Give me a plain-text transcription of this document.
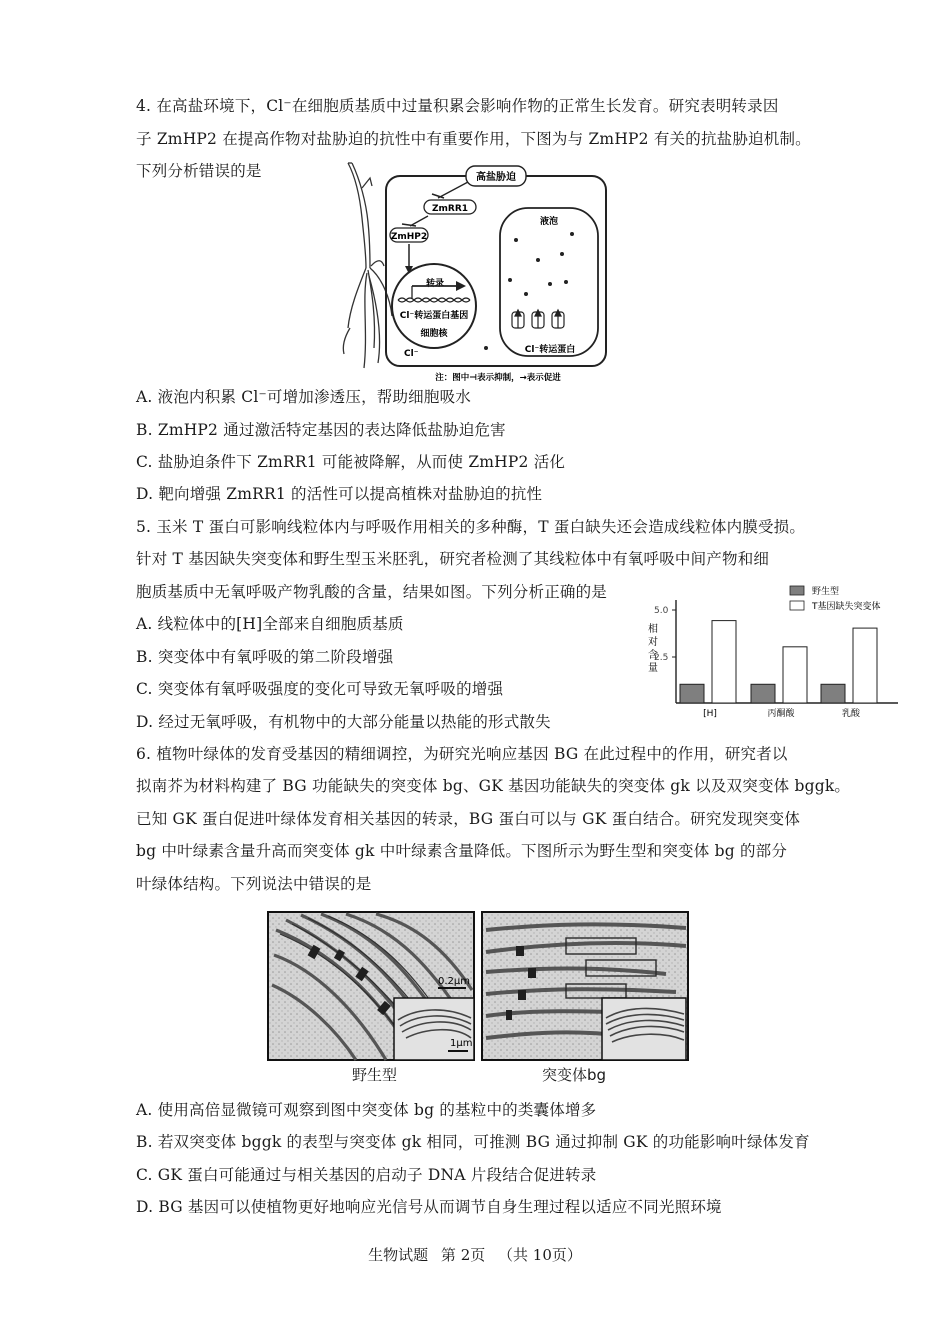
4. 在高盐环境下，Cl⁻在细胞质基质中过量积累会影响作物的正常生长发育。研究表明转录因
子 ZmHP2 在提高作物对盐胁迫的抗性中有重要作用，下图为与 ZmHP2 有关的抗盐胁迫机制。
下列分析错误的是	高盐胁迫
ZmRR1
ZmHP2
转录
Cl⁻转运蛋白基因
细胞核
Cl⁻
液泡
Cl⁻转运蛋白
注：图中⊣表示抑制，→表示促进
A. 液泡内积累 Cl⁻可增加渗透压，帮助细胞吸水
B. ZmHP2 通过激活特定基因的表达降低盐胁迫危害
C. 盐胁迫条件下 ZmRR1 可能被降解，从而使 ZmHP2 活化
D. 靶向增强 ZmRR1 的活性可以提高植株对盐胁迫的抗性
5. 玉米 T 蛋白可影响线粒体内与呼吸作用相关的多种酶，T 蛋白缺失还会造成线粒体内膜受损。
针对 T 基因缺失突变体和野生型玉米胚乳，研究者检测了其线粒体中有氧呼吸中间产物和细
胞质基质中无氧呼吸产物乳酸的含量，结果如图。下列分析正确的是
A. 线粒体中的[H]全部来自细胞质基质
B. 突变体中有氧呼吸的第二阶段增强
C. 突变体有氧呼吸强度的变化可导致无氧呼吸的增强
D. 经过无氧呼吸，有机物中的大部分能量以热能的形式散失
野生型
T基因缺失突变体
相
对
含
量
5.0
2.5
[H]	丙酮酸	乳酸
6. 植物叶绿体的发育受基因的精细调控，为研究光响应基因 BG 在此过程中的作用，研究者以
拟南芥为材料构建了 BG 功能缺失的突变体 bg、GK 基因功能缺失的突变体 gk 以及双突变体 bggk。
已知 GK 蛋白促进叶绿体发育相关基因的转录，BG 蛋白可以与 GK 蛋白结合。研究发现突变体
bg 中叶绿素含量升高而突变体 gk 中叶绿素含量降低。下图所示为野生型和突变体 bg 的部分
叶绿体结构。下列说法中错误的是
0.2μm
1μm
野生型	突变体bg
A. 使用高倍显微镜可观察到图中突变体 bg 的基粒中的类囊体增多
B. 若双突变体 bggk 的表型与突变体 gk 相同，可推测 BG 通过抑制 GK 的功能影响叶绿体发育
C. GK 蛋白可能通过与相关基因的启动子 DNA 片段结合促进转录
D. BG 基因可以使植物更好地响应光信号从而调节自身生理过程以适应不同光照环境
生物试题 第 2页 （共 10页）
